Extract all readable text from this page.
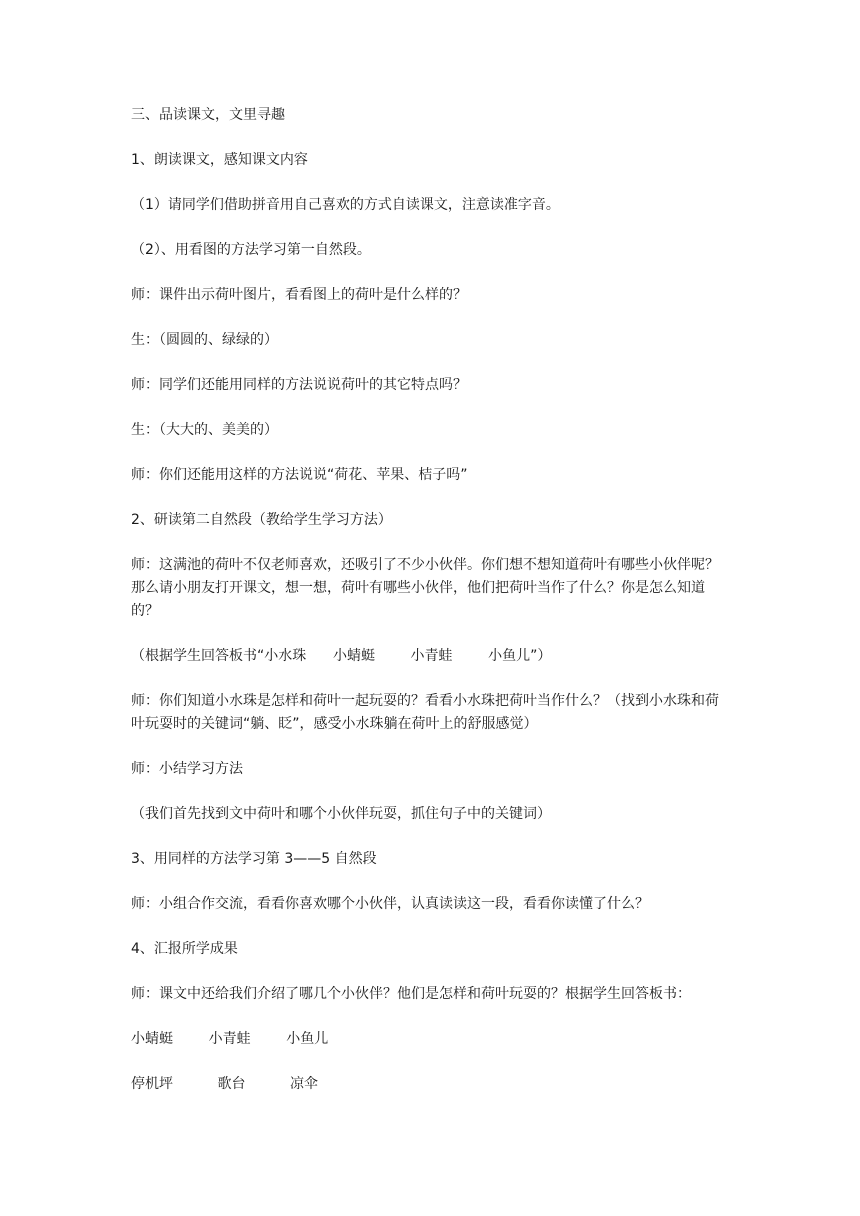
三、品读课文，文里寻趣

1、朗读课文，感知课文内容

（1）请同学们借助拼音用自己喜欢的方式自读课文，注意读准字音。

（2）、用看图的方法学习第一自然段。

师：课件出示荷叶图片，看看图上的荷叶是什么样的？

生：（圆圆的、绿绿的）

师：同学们还能用同样的方法说说荷叶的其它特点吗？

生：（大大的、美美的）

师：你们还能用这样的方法说说“荷花、苹果、桔子吗”

2、研读第二自然段（教给学生学习方法）

师：这满池的荷叶不仅老师喜欢，还吸引了不少小伙伴。你们想不想知道荷叶有哪些小伙伴呢？那么请小朋友打开课文，想一想，荷叶有哪些小伙伴，他们把荷叶当作了什么？你是怎么知道的？

（根据学生回答板书“小水珠      小蜻蜓        小青蛙        小鱼儿”）

师：你们知道小水珠是怎样和荷叶一起玩耍的？看看小水珠把荷叶当作什么？（找到小水珠和荷叶玩耍时的关键词“躺、眨”，感受小水珠躺在荷叶上的舒服感觉）

师：小结学习方法

（我们首先找到文中荷叶和哪个小伙伴玩耍，抓住句子中的关键词）

3、用同样的方法学习第 3——5 自然段

师：小组合作交流，看看你喜欢哪个小伙伴，认真读读这一段，看看你读懂了什么？

4、汇报所学成果

师：课文中还给我们介绍了哪几个小伙伴？他们是怎样和荷叶玩耍的？根据学生回答板书：

小蜻蜓        小青蛙        小鱼儿

停机坪          歌台          凉伞
